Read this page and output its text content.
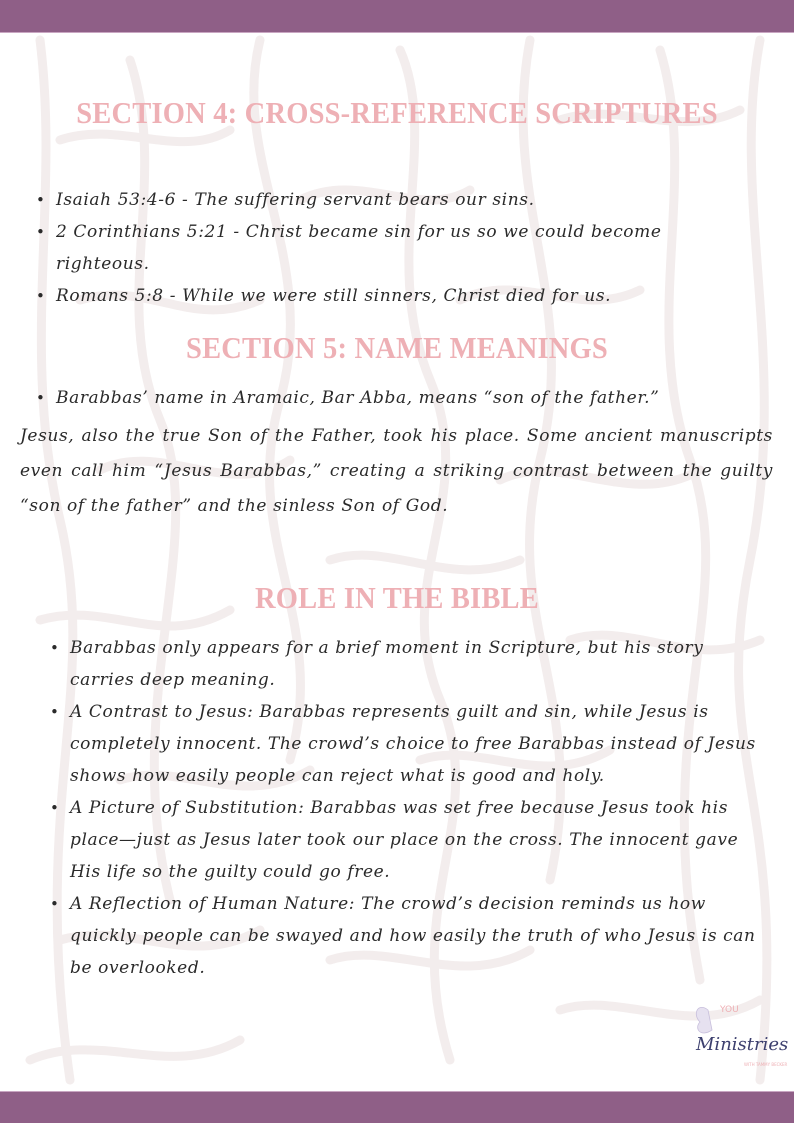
SECTION 4: CROSS-REFERENCE SCRIPTURES
• Isaiah 53:4-6 - The suffering servant bears our sins.
• 2 Corinthians 5:21 - Christ became sin for us so we could become righteous.
• Romans 5:8 - While we were still sinners, Christ died for us.
SECTION 5: NAME MEANINGS
• Barabbas’ name in Aramaic, Bar Abba, means “son of the father.”

Jesus, also the true Son of the Father, took his place. Some ancient manuscripts even call him “Jesus Barabbas,” creating a striking contrast between the guilty “son of the father” and the sinless Son of God.

ROLE IN THE BIBLE
• Barabbas only appears for a brief moment in Scripture, but his story carries deep meaning.
• A Contrast to Jesus: Barabbas represents guilt and sin, while Jesus is completely innocent. The crowd’s choice to free Barabbas instead of Jesus shows how easily people can reject what is good and holy.
• A Picture of Substitution: Barabbas was set free because Jesus took his place—just as Jesus later took our place on the cross. The innocent gave His life so the guilty could go free.
• A Reflection of Human Nature: The crowd’s decision reminds us how quickly people can be swayed and how easily the truth of who Jesus is can be overlooked.
YOU
Ministries
WITH TAMMY BECKER
